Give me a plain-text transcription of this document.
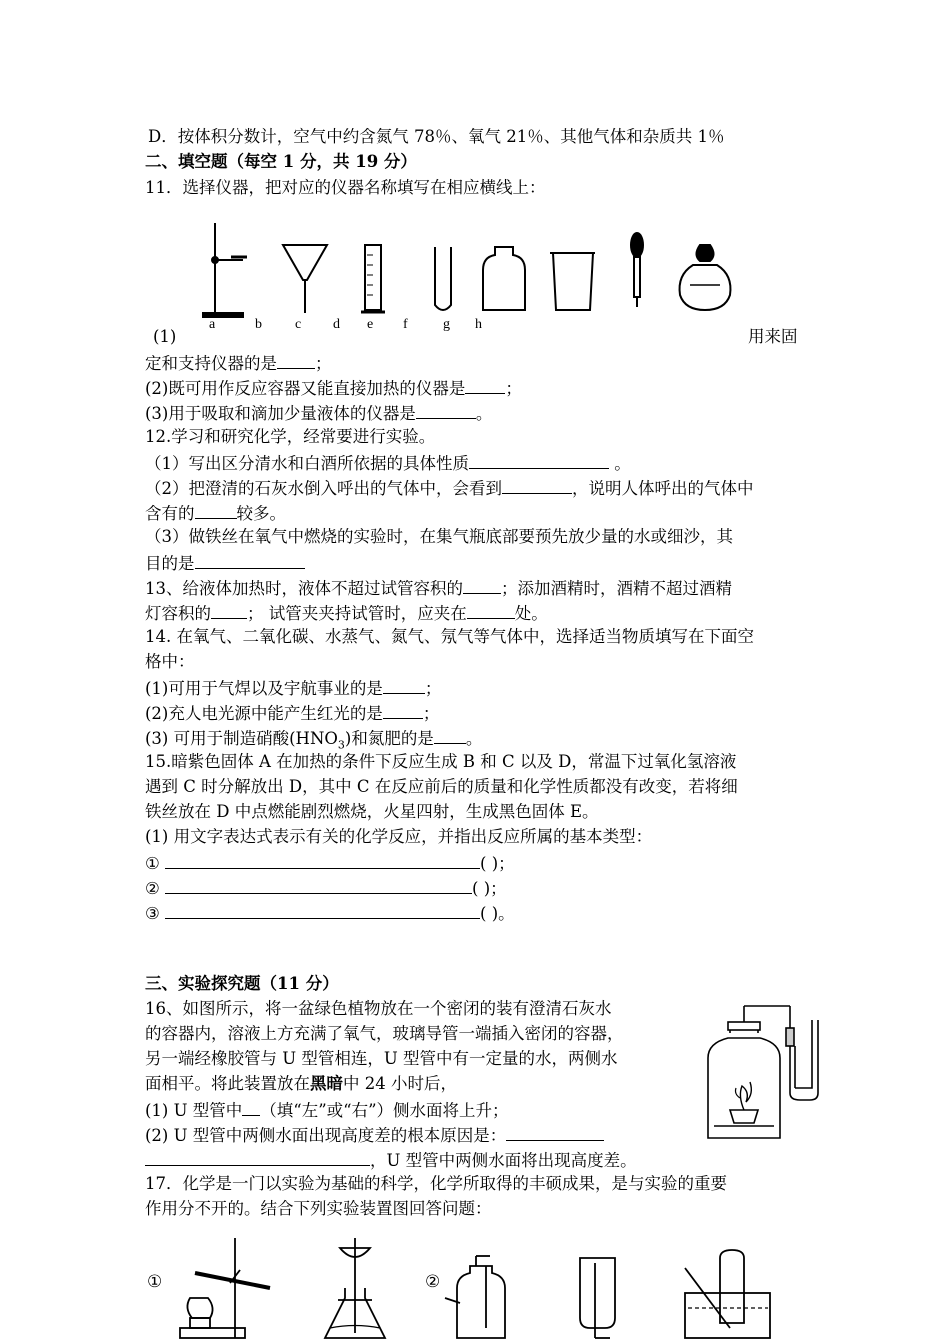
D．按体积分数计，空气中约含氮气 78％、氧气 21％、其他气体和杂质共 1％
二、填空题（每空 1 分，共 19 分）
11．选择仪器，把对应的仪器名称填写在相应横线上：
a	b c d e f	g h
(1)	用来固
定和支持仪器的是 ；
(2)既可用作反应容器又能直接加热的仪器是 ；
(3)用于吸取和滴加少量液体的仪器是	。
12.学习和研究化学，经常要进行实验。
（1）写出区分清水和白酒所依据的具体性质	。
（2）把澄清的石灰水倒入呼出的气体中，会看到	，说明人体呼出的气体中
含有的	较多。
（3）做铁丝在氧气中燃烧的实验时，在集气瓶底部要预先放少量的水或细沙，其
目的是
13、给液体加热时，液体不超过试管容积的 ；添加酒精时，酒精不超过酒精
灯容积的 ； 试管夹夹持试管时，应夹在	处。
14. 在氧气、二氧化碳、水蒸气、氮气、氖气等气体中，选择适当物质填写在下面空
格中：
(1)可用于气焊以及宇航事业的是	；
(2)充人电光源中能产生红光的是 ；
(3) 可用于制造硝酸$(HNO_3)$和氮肥的是 。
15.暗紫色固体 A 在加热的条件下反应生成 B 和 C 以及 D，常温下过氧化氢溶液
遇到 C 时分解放出 D，其中 C 在反应前后的质量和化学性质都没有改变，若将细
铁丝放在 D 中点燃能剧烈燃烧，火星四射，生成黑色固体 E。
(1) 用文字表达式表示有关的化学反应，并指出反应所属的基本类型：
①	( )；
②	( )；
③	( )。
三、实验探究题（11 分）
16、如图所示，将一盆绿色植物放在一个密闭的装有澄清石灰水
的容器内，溶液上方充满了氧气，玻璃导管一端插入密闭的容器，
另一端经橡胶管与 U 型管相连，U 型管中有一定量的水，两侧水
面相平。将此装置放在黑暗中 24 小时后，
(1) U 型管中 （填“左”或“右”）侧水面将上升；
(2) U 型管中两侧水面出现高度差的根本原因是：
，U 型管中两侧水面将出现高度差。
17．化学是一门以实验为基础的科学，化学所取得的丰硕成果，是与实验的重要
作用分不开的。结合下列实验装置图回答问题：
①	②
